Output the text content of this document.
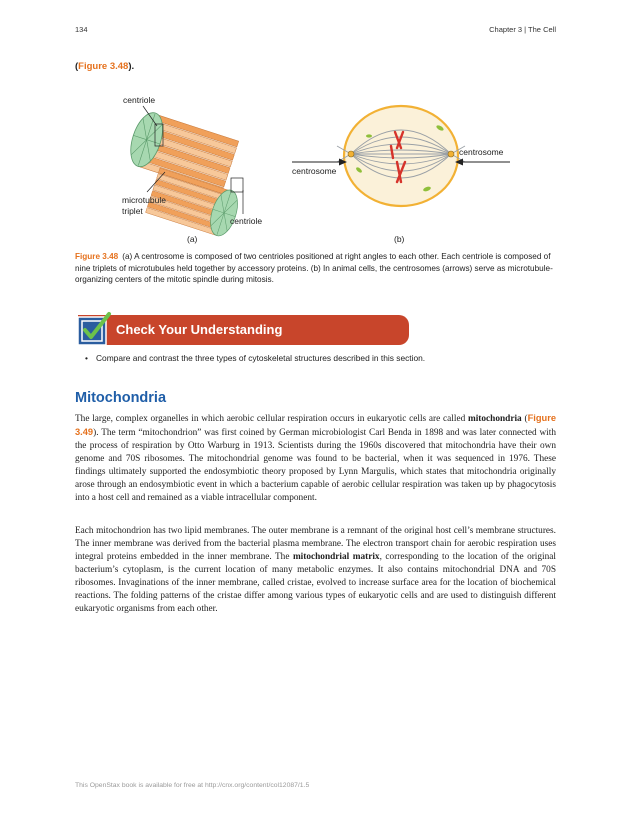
134	Chapter 3 | The Cell
(Figure 3.48).
centriole
microtubule
triplet
centriole
(a)
centrosome
centrosome
(b)
Figure 3.48 (a) A centrosome is composed of two centrioles positioned at right angles to each other. Each centriole is composed of nine triplets of microtubules held together by accessory proteins. (b) In animal cells, the centrosomes (arrows) serve as microtubule-organizing centers of the mitotic spindle during mitosis.
Check Your Understanding
• Compare and contrast the three types of cytoskeletal structures described in this section.
Mitochondria

The large, complex organelles in which aerobic cellular respiration occurs in eukaryotic cells are called mitochondria (Figure 3.49). The term “mitochondrion” was first coined by German microbiologist Carl Benda in 1898 and was later connected with the process of respiration by Otto Warburg in 1913. Scientists during the 1960s discovered that mitochondria have their own genome and 70S ribosomes. The mitochondrial genome was found to be bacterial, when it was sequenced in 1976. These findings ultimately supported the endosymbiotic theory proposed by Lynn Margulis, which states that mitochondria originally arose through an endosymbiotic event in which a bacterium capable of aerobic cellular respiration was taken up by phagocytosis into a host cell and remained as a viable intracellular component.

Each mitochondrion has two lipid membranes. The outer membrane is a remnant of the original host cell’s membrane structures. The inner membrane was derived from the bacterial plasma membrane. The electron transport chain for aerobic respiration uses integral proteins embedded in the inner membrane. The mitochondrial matrix, corresponding to the location of the original bacterium’s cytoplasm, is the current location of many metabolic enzymes. It also contains mitochondrial DNA and 70S ribosomes. Invaginations of the inner membrane, called cristae, evolved to increase surface area for the location of biochemical reactions. The folding patterns of the cristae differ among various types of eukaryotic cells and are used to distinguish different eukaryotic organisms from each other.

This OpenStax book is available for free at http://cnx.org/content/col12087/1.5
